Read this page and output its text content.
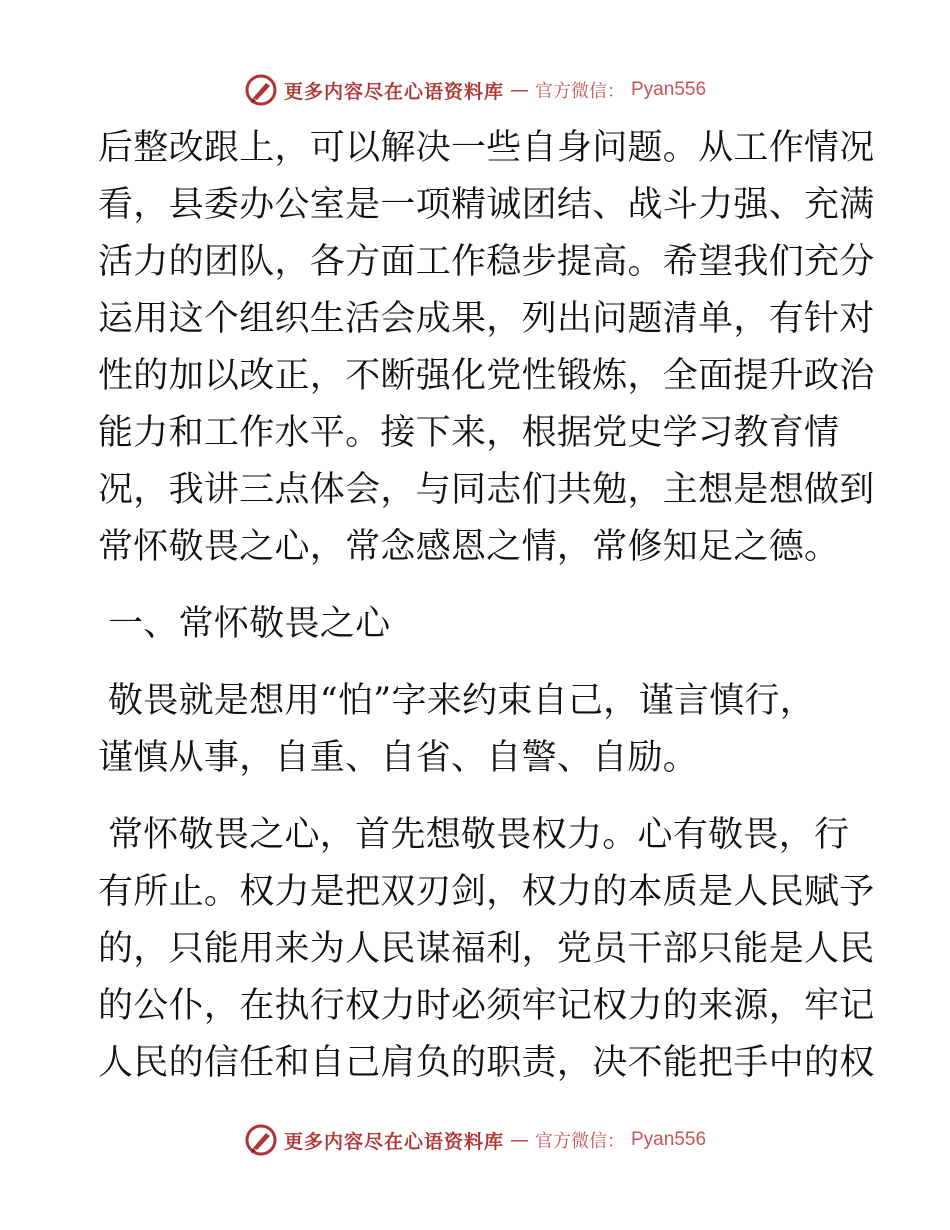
更多内容尽在心语资料库 — 官方微信： Pyan556
后整改跟上，可以解决一些自身问题。从工作情况
看，县委办公室是一项精诚团结、战斗力强、充满
活力的团队，各方面工作稳步提高。希望我们充分
运用这个组织生活会成果，列出问题清单，有针对
性的加以改正，不断强化党性锻炼，全面提升政治
能力和工作水平。接下来，根据党史学习教育情
况，我讲三点体会，与同志们共勉，主想是想做到
常怀敬畏之心，常念感恩之情，常修知足之德。
一、常怀敬畏之心
敬畏就是想用“怕”字来约束自己，谨言慎行，
谨慎从事，自重、自省、自警、自励。
常怀敬畏之心，首先想敬畏权力。心有敬畏，行
有所止。权力是把双刃剑，权力的本质是人民赋予
的，只能用来为人民谋福利，党员干部只能是人民
的公仆，在执行权力时必须牢记权力的来源，牢记
人民的信任和自己肩负的职责，决不能把手中的权
更多内容尽在心语资料库 — 官方微信： Pyan556
